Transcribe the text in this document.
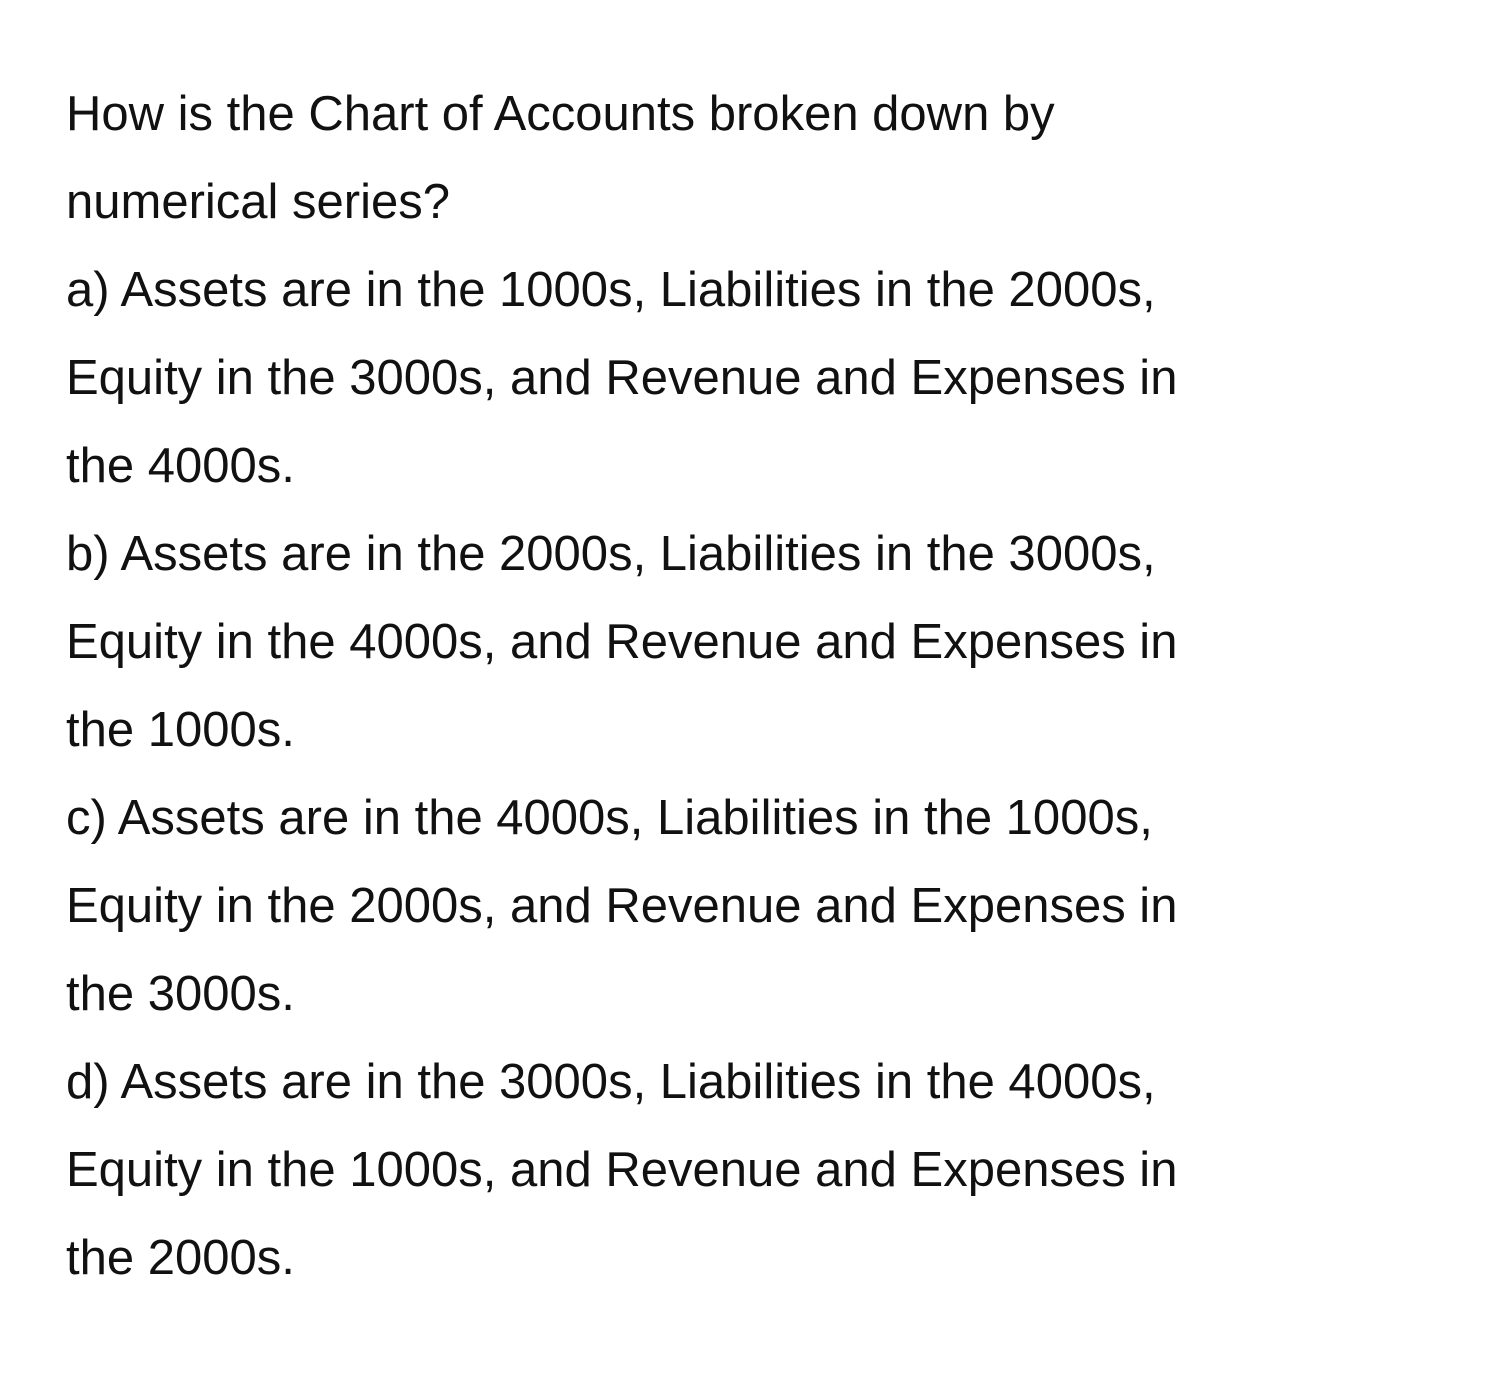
How is the Chart of Accounts broken down by
numerical series?
a) Assets are in the 1000s, Liabilities in the 2000s,
Equity in the 3000s, and Revenue and Expenses in
the 4000s.
b) Assets are in the 2000s, Liabilities in the 3000s,
Equity in the 4000s, and Revenue and Expenses in
the 1000s.
c) Assets are in the 4000s, Liabilities in the 1000s,
Equity in the 2000s, and Revenue and Expenses in
the 3000s.
d) Assets are in the 3000s, Liabilities in the 4000s,
Equity in the 1000s, and Revenue and Expenses in
the 2000s.
